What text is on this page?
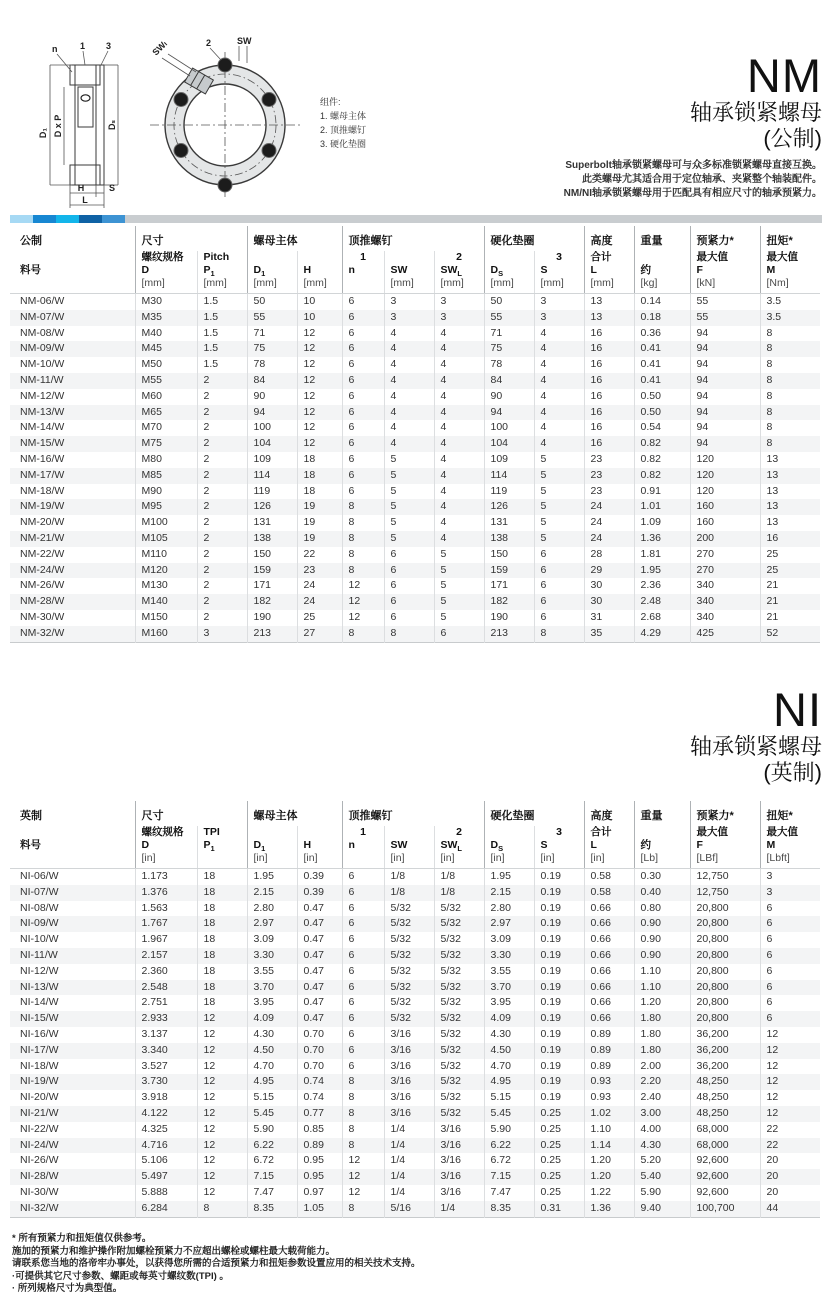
n	1 3
D₁ D x P	Dₛ
H	S
L
SWₗ	2	SW
组件:
1. 螺母主体
2. 顶推螺钉
3. 硬化垫圈
NM
轴承锁紧螺母
(公制)
Superbolt轴承锁紧螺母可与众多标准锁紧螺母直接互换。
此类螺母尤其适合用于定位轴承、夹紧整个轴装配件。
NM/NI轴承锁紧螺母用于匹配具有相应尺寸的轴承预紧力。
公制	尺寸		螺母主体		顶推螺钉			硬化垫圈		高度	重量	预紧力*	扭矩*
	螺纹规格	Pitch			1		2		3	合计		最大值	最大值
料号	D	$P_1$	$D_1$	H	n	SW	$SW_L$	$D_S$	S	L	约	F	M
	[mm]	[mm]	[mm]	[mm]		[mm]	[mm]	[mm]	[mm]	[mm]	[kg]	[kN]	[Nm]
NM-06/W	M30	1.5	50	10	6	3	3	50	3	13	0.14	55	3.5
NM-07/W	M35	1.5	55	10	6	3	3	55	3	13	0.18	55	3.5
NM-08/W	M40	1.5	71	12	6	4	4	71	4	16	0.36	94	8
NM-09/W	M45	1.5	75	12	6	4	4	75	4	16	0.41	94	8
NM-10/W	M50	1.5	78	12	6	4	4	78	4	16	0.41	94	8
NM-11/W	M55	2	84	12	6	4	4	84	4	16	0.41	94	8
NM-12/W	M60	2	90	12	6	4	4	90	4	16	0.50	94	8
NM-13/W	M65	2	94	12	6	4	4	94	4	16	0.50	94	8
NM-14/W	M70	2	100	12	6	4	4	100	4	16	0.54	94	8
NM-15/W	M75	2	104	12	6	4	4	104	4	16	0.82	94	8
NM-16/W	M80	2	109	18	6	5	4	109	5	23	0.82	120	13
NM-17/W	M85	2	114	18	6	5	4	114	5	23	0.82	120	13
NM-18/W	M90	2	119	18	6	5	4	119	5	23	0.91	120	13
NM-19/W	M95	2	126	19	8	5	4	126	5	24	1.01	160	13
NM-20/W	M100	2	131	19	8	5	4	131	5	24	1.09	160	13
NM-21/W	M105	2	138	19	8	5	4	138	5	24	1.36	200	16
NM-22/W	M110	2	150	22	8	6	5	150	6	28	1.81	270	25
NM-24/W	M120	2	159	23	8	6	5	159	6	29	1.95	270	25
NM-26/W	M130	2	171	24	12	6	5	171	6	30	2.36	340	21
NM-28/W	M140	2	182	24	12	6	5	182	6	30	2.48	340	21
NM-30/W	M150	2	190	25	12	6	5	190	6	31	2.68	340	21
NM-32/W	M160	3	213	27	8	8	6	213	8	35	4.29	425	52
NI
轴承锁紧螺母
(英制)
英制	尺寸		螺母主体		顶推螺钉			硬化垫圈		高度	重量	预紧力*	扭矩*
	螺纹规格	TPI			1		2		3	合计		最大值	最大值
料号	D	$P_1$	$D_1$	H	n	SW	$SW_L$	$D_S$	S	L	约	F	M
	[in]		[in]	[in]		[in]	[in]	[in]	[in]	[in]	[Lb]	[LBf]	[Lbft]
NI-06/W	1.173	18	1.95	0.39	6	1/8	1/8	1.95	0.19	0.58	0.30	12,750	3
NI-07/W	1.376	18	2.15	0.39	6	1/8	1/8	2.15	0.19	0.58	0.40	12,750	3
NI-08/W	1.563	18	2.80	0.47	6	5/32	5/32	2.80	0.19	0.66	0.80	20,800	6
NI-09/W	1.767	18	2.97	0.47	6	5/32	5/32	2.97	0.19	0.66	0.90	20,800	6
NI-10/W	1.967	18	3.09	0.47	6	5/32	5/32	3.09	0.19	0.66	0.90	20,800	6
NI-11/W	2.157	18	3.30	0.47	6	5/32	5/32	3.30	0.19	0.66	0.90	20,800	6
NI-12/W	2.360	18	3.55	0.47	6	5/32	5/32	3.55	0.19	0.66	1.10	20,800	6
NI-13/W	2.548	18	3.70	0.47	6	5/32	5/32	3.70	0.19	0.66	1.10	20,800	6
NI-14/W	2.751	18	3.95	0.47	6	5/32	5/32	3.95	0.19	0.66	1.20	20,800	6
NI-15/W	2.933	12	4.09	0.47	6	5/32	5/32	4.09	0.19	0.66	1.80	20,800	6
NI-16/W	3.137	12	4.30	0.70	6	3/16	5/32	4.30	0.19	0.89	1.80	36,200	12
NI-17/W	3.340	12	4.50	0.70	6	3/16	5/32	4.50	0.19	0.89	1.80	36,200	12
NI-18/W	3.527	12	4.70	0.70	6	3/16	5/32	4.70	0.19	0.89	2.00	36,200	12
NI-19/W	3.730	12	4.95	0.74	8	3/16	5/32	4.95	0.19	0.93	2.20	48,250	12
NI-20/W	3.918	12	5.15	0.74	8	3/16	5/32	5.15	0.19	0.93	2.40	48,250	12
NI-21/W	4.122	12	5.45	0.77	8	3/16	5/32	5.45	0.25	1.02	3.00	48,250	12
NI-22/W	4.325	12	5.90	0.85	8	1/4	3/16	5.90	0.25	1.10	4.00	68,000	22
NI-24/W	4.716	12	6.22	0.89	8	1/4	3/16	6.22	0.25	1.14	4.30	68,000	22
NI-26/W	5.106	12	6.72	0.95	12	1/4	3/16	6.72	0.25	1.20	5.20	92,600	20
NI-28/W	5.497	12	7.15	0.95	12	1/4	3/16	7.15	0.25	1.20	5.40	92,600	20
NI-30/W	5.888	12	7.47	0.97	12	1/4	3/16	7.47	0.25	1.22	5.90	92,600	20
NI-32/W	6.284	8	8.35	1.05	8	5/16	1/4	8.35	0.31	1.36	9.40	100,700	44
* 所有预紧力和扭矩值仅供参考。
施加的预紧力和维护操作附加螺栓预紧力不应超出螺栓或螺柱最大载荷能力。
请联系您当地的洛帝牢办事处，以获得您所需的合适预紧力和扭矩参数设置应用的相关技术支持。
·可提供其它尺寸参数、螺距或每英寸螺纹数(TPI) 。
· 所列规格尺寸为典型值。
